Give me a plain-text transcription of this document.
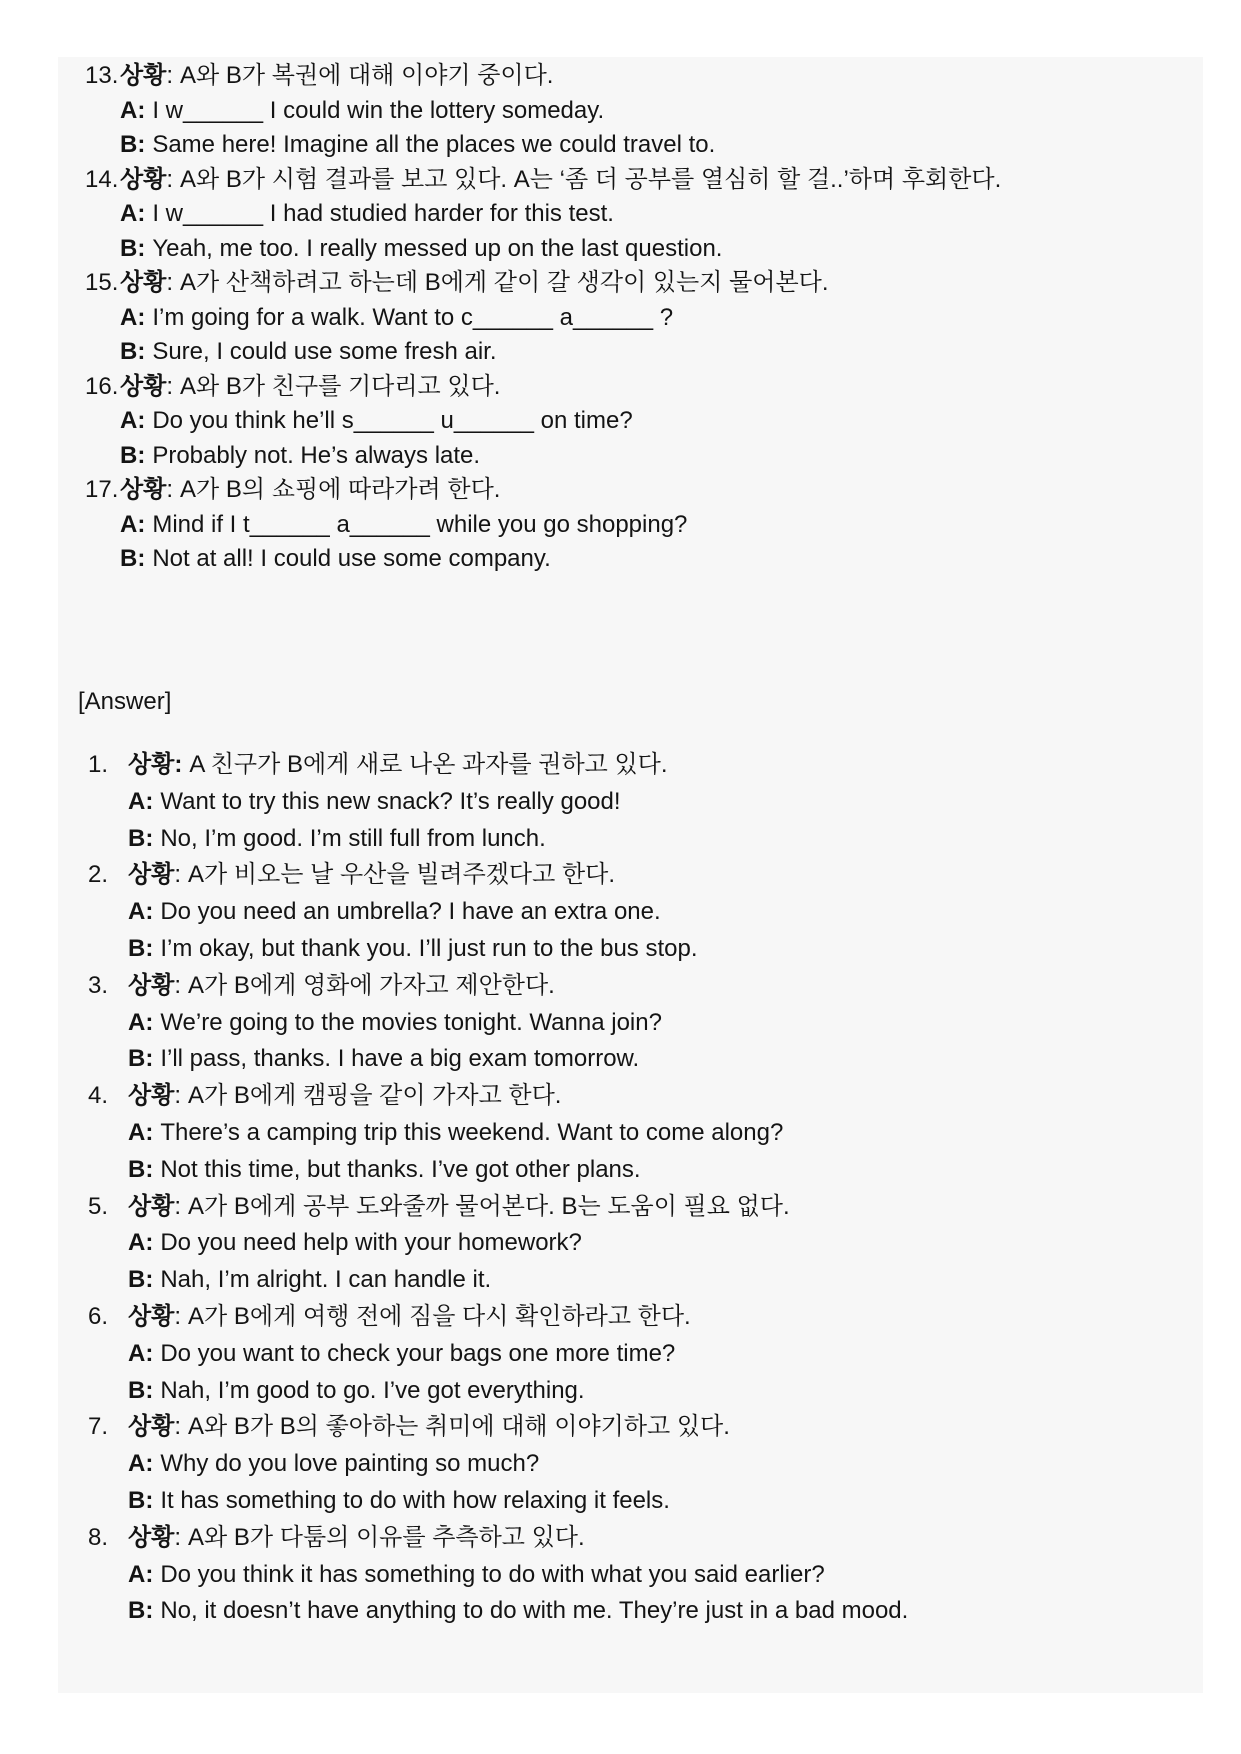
13. 상황: A와 B가 복권에 대해 이야기 중이다.
A: I w______ I could win the lottery someday.
B: Same here! Imagine all the places we could travel to.
14. 상황: A와 B가 시험 결과를 보고 있다. A는 ‘좀 더 공부를 열심히 할 걸..’하며 후회한다.
A: I w______ I had studied harder for this test.
B: Yeah, me too. I really messed up on the last question.
15. 상황: A가 산책하려고 하는데 B에게 같이 갈 생각이 있는지 물어본다.
A: I’m going for a walk. Want to c______ a______ ?
B: Sure, I could use some fresh air.
16. 상황: A와 B가 친구를 기다리고 있다.
A: Do you think he’ll s______ u______ on time?
B: Probably not. He’s always late.
17. 상황: A가 B의 쇼핑에 따라가려 한다.
A: Mind if I t______ a______ while you go shopping?
B: Not at all! I could use some company.
[Answer]
1. 상황: A 친구가 B에게 새로 나온 과자를 권하고 있다.
A: Want to try this new snack? It’s really good!
B: No, I’m good. I’m still full from lunch.
2. 상황: A가 비오는 날 우산을 빌려주겠다고 한다.
A: Do you need an umbrella? I have an extra one.
B: I’m okay, but thank you. I’ll just run to the bus stop.
3. 상황: A가 B에게 영화에 가자고 제안한다.
A: We’re going to the movies tonight. Wanna join?
B: I’ll pass, thanks. I have a big exam tomorrow.
4. 상황: A가 B에게 캠핑을 같이 가자고 한다.
A: There’s a camping trip this weekend. Want to come along?
B: Not this time, but thanks. I’ve got other plans.
5. 상황: A가 B에게 공부 도와줄까 물어본다. B는 도움이 필요 없다.
A: Do you need help with your homework?
B: Nah, I’m alright. I can handle it.
6. 상황: A가 B에게 여행 전에 짐을 다시 확인하라고 한다.
A: Do you want to check your bags one more time?
B: Nah, I’m good to go. I’ve got everything.
7. 상황: A와 B가 B의 좋아하는 취미에 대해 이야기하고 있다.
A: Why do you love painting so much?
B: It has something to do with how relaxing it feels.
8. 상황: A와 B가 다툼의 이유를 추측하고 있다.
A: Do you think it has something to do with what you said earlier?
B: No, it doesn’t have anything to do with me. They’re just in a bad mood.
